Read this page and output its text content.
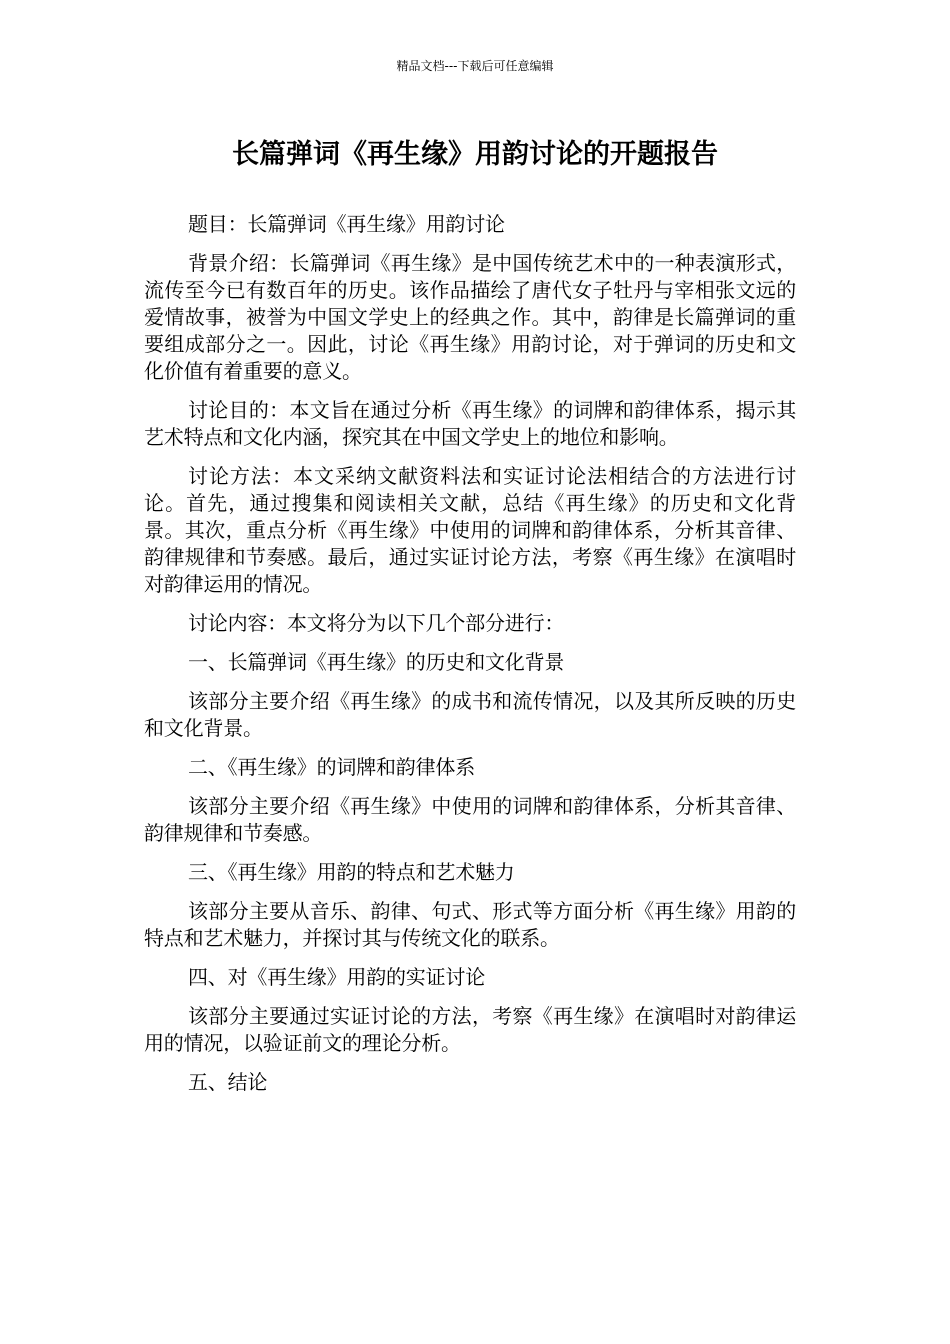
精品文档---下载后可任意编辑
长篇弹词《再生缘》用韵讨论的开题报告

题目：长篇弹词《再生缘》用韵讨论

背景介绍：长篇弹词《再生缘》是中国传统艺术中的一种表演形式，流传至今已有数百年的历史。该作品描绘了唐代女子牡丹与宰相张文远的爱情故事，被誉为中国文学史上的经典之作。其中，韵律是长篇弹词的重要组成部分之一。因此，讨论《再生缘》用韵讨论，对于弹词的历史和文化价值有着重要的意义。

讨论目的：本文旨在通过分析《再生缘》的词牌和韵律体系，揭示其艺术特点和文化内涵，探究其在中国文学史上的地位和影响。

讨论方法：本文采纳文献资料法和实证讨论法相结合的方法进行讨论。首先，通过搜集和阅读相关文献，总结《再生缘》的历史和文化背景。其次，重点分析《再生缘》中使用的词牌和韵律体系，分析其音律、韵律规律和节奏感。最后，通过实证讨论方法，考察《再生缘》在演唱时对韵律运用的情况。

讨论内容：本文将分为以下几个部分进行：

一、长篇弹词《再生缘》的历史和文化背景

该部分主要介绍《再生缘》的成书和流传情况，以及其所反映的历史和文化背景。

二、《再生缘》的词牌和韵律体系

该部分主要介绍《再生缘》中使用的词牌和韵律体系，分析其音律、韵律规律和节奏感。

三、《再生缘》用韵的特点和艺术魅力

该部分主要从音乐、韵律、句式、形式等方面分析《再生缘》用韵的特点和艺术魅力，并探讨其与传统文化的联系。

四、对《再生缘》用韵的实证讨论

该部分主要通过实证讨论的方法，考察《再生缘》在演唱时对韵律运用的情况，以验证前文的理论分析。

五、结论
